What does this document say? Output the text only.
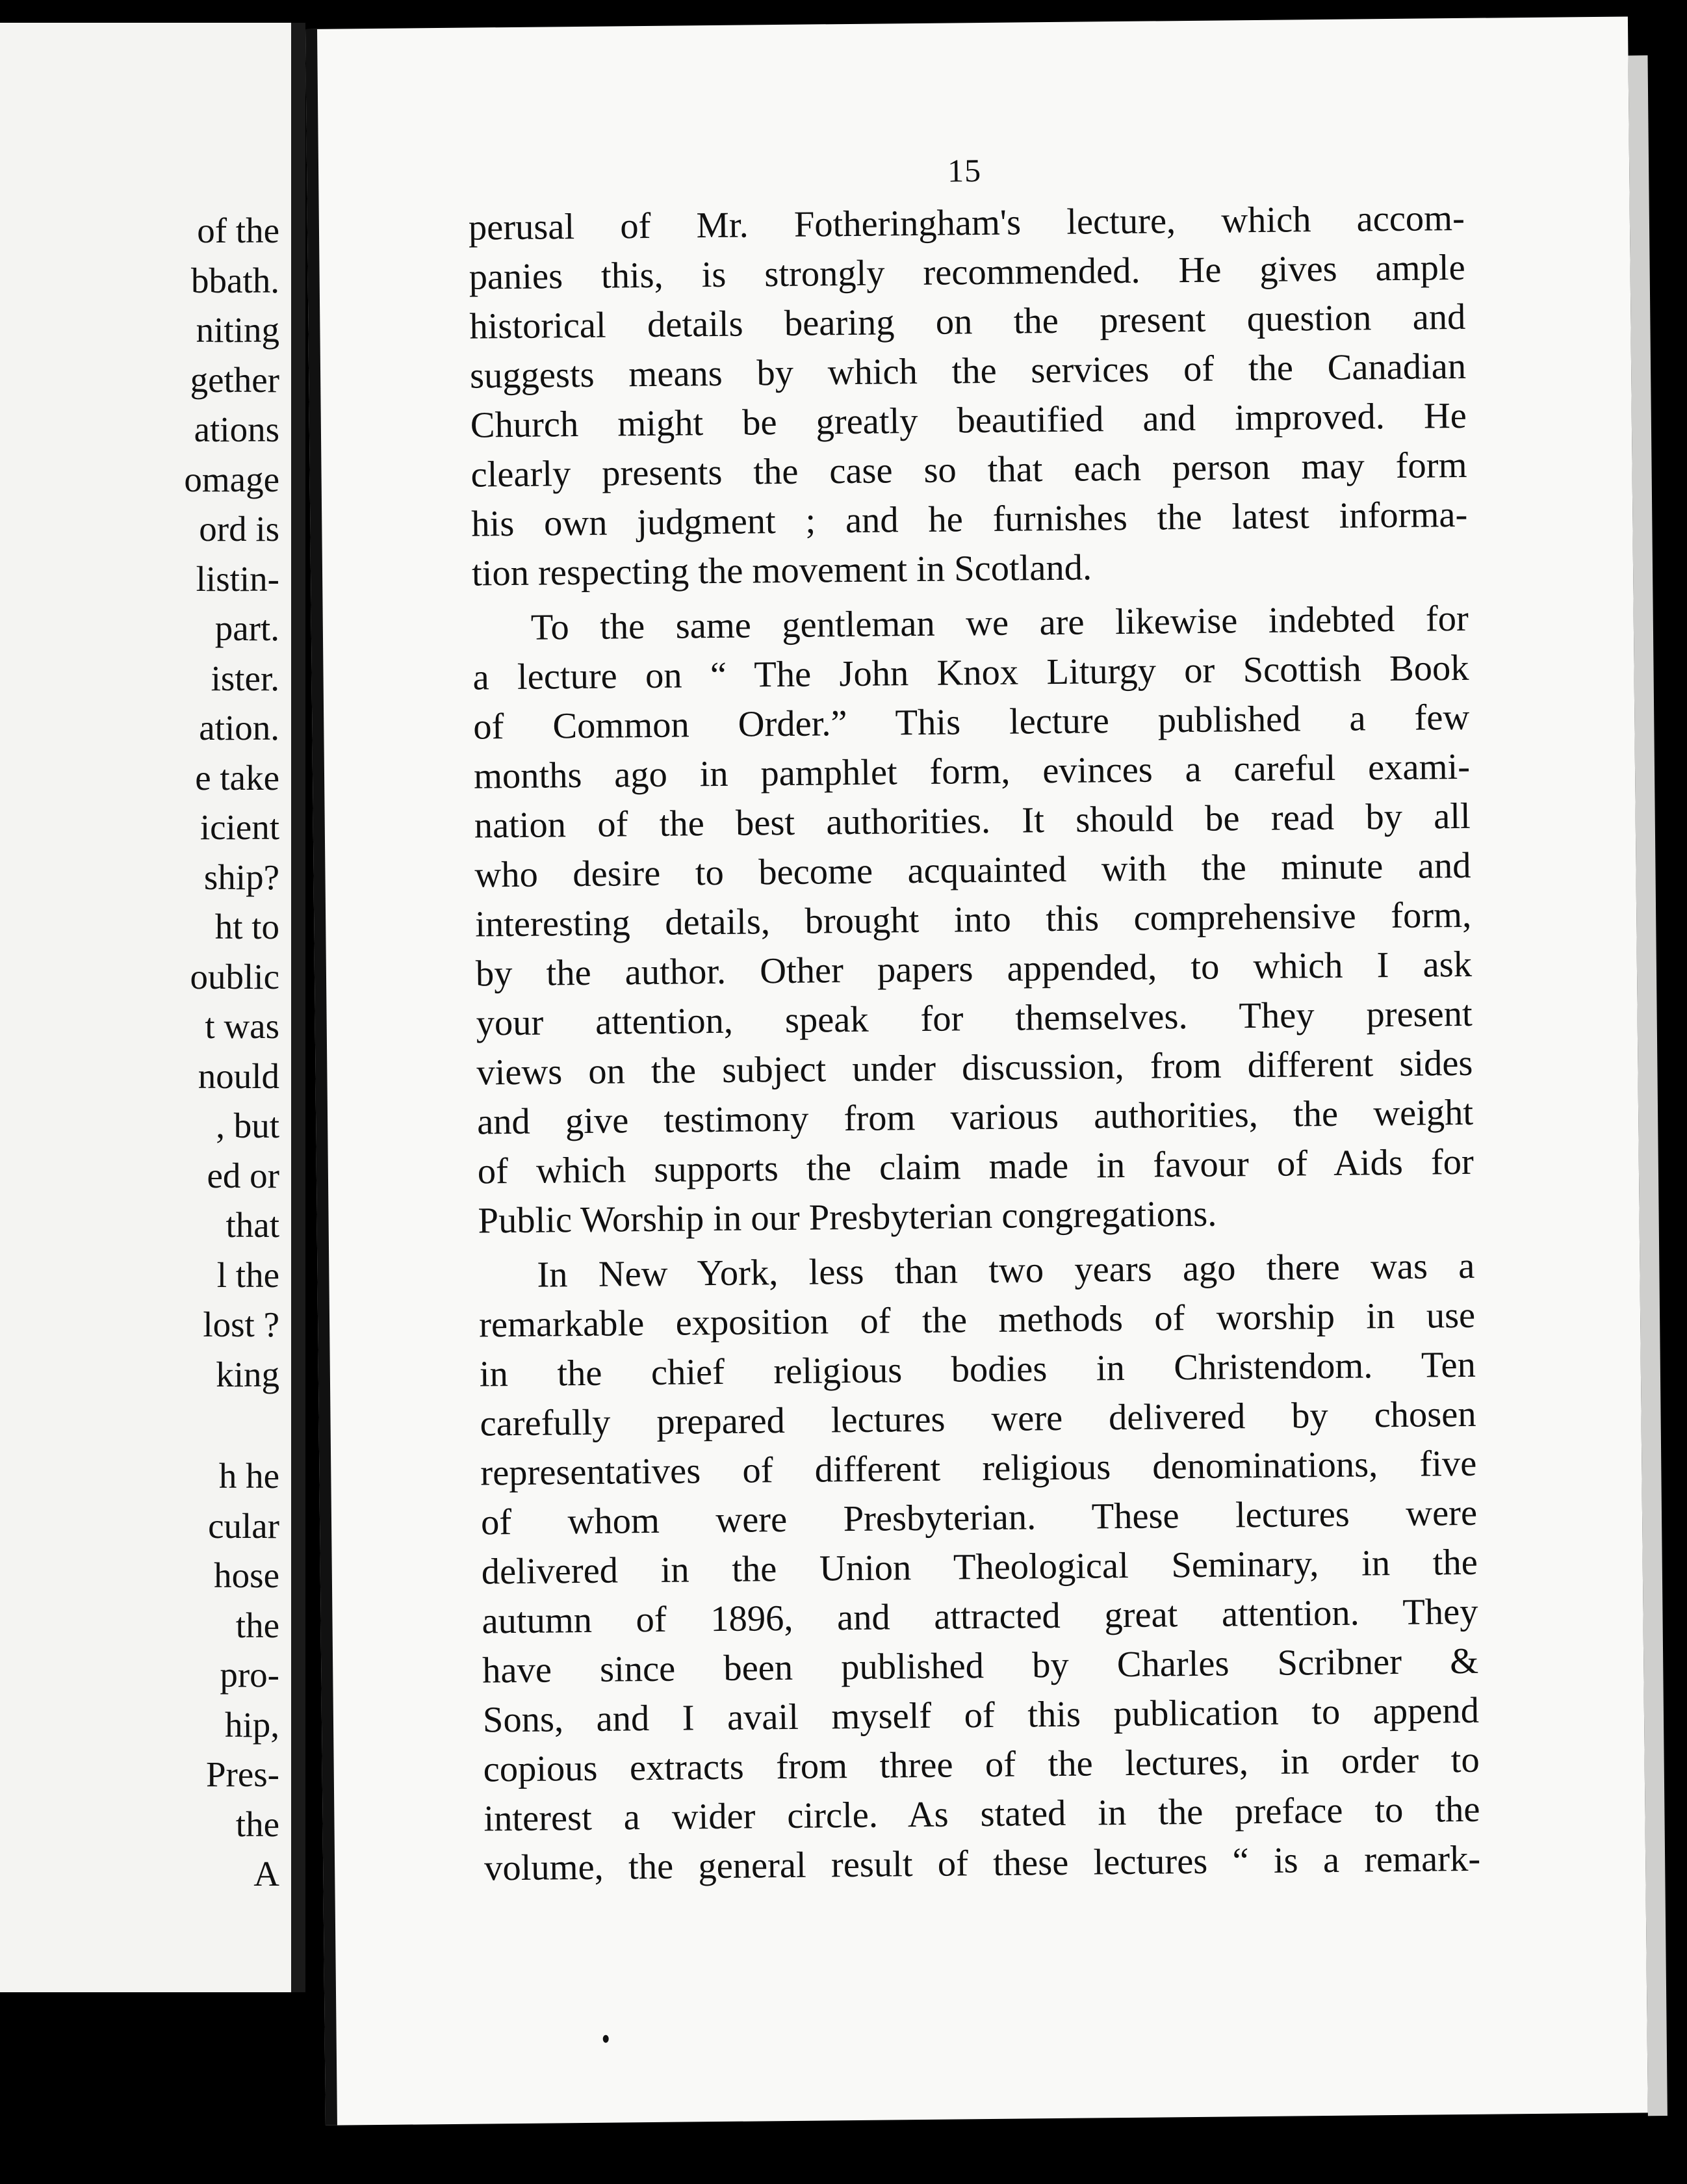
of the
bbath.
niting
gether
ations
omage
ord is
listin-
part.
ister.
ation.
e take
icient
ship?
ht to
oublic
t was
nould
, but
ed or
that
l the
lost ?
king
h he
cular
hose
the
pro-
hip,
Pres-
the
A
15
perusal of Mr. Fotheringham's lecture, which accom-
panies this, is strongly recommended. He gives ample
historical details bearing on the present question and
suggests means by which the services of the Canadian
Church might be greatly beautified and improved. He
clearly presents the case so that each person may form
his own judgment ; and he furnishes the latest informa-
tion respecting the movement in Scotland.
To the same gentleman we are likewise indebted for
a lecture on “ The John Knox Liturgy or Scottish Book
of Common Order.” This lecture published a few
months ago in pamphlet form, evinces a careful exami-
nation of the best authorities. It should be read by all
who desire to become acquainted with the minute and
interesting details, brought into this comprehensive form,
by the author. Other papers appended, to which I ask
your attention, speak for themselves. They present
views on the subject under discussion, from different sides
and give testimony from various authorities, the weight
of which supports the claim made in favour of Aids for
Public Worship in our Presbyterian congregations.
In New York, less than two years ago there was a
remarkable exposition of the methods of worship in use
in the chief religious bodies in Christendom. Ten
carefully prepared lectures were delivered by chosen
representatives of different religious denominations, five
of whom were Presbyterian. These lectures were
delivered in the Union Theological Seminary, in the
autumn of 1896, and attracted great attention. They
have since been published by Charles Scribner &
Sons, and I avail myself of this publication to append
copious extracts from three of the lectures, in order to
interest a wider circle. As stated in the preface to the
volume, the general result of these lectures “ is a remark-
